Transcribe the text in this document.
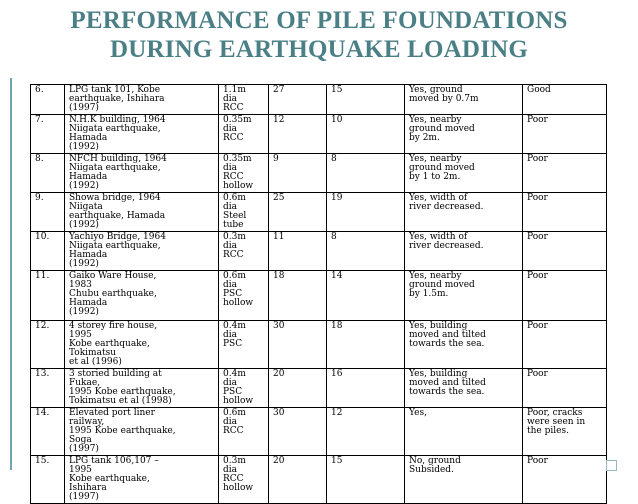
PERFORMANCE OF PILE FOUNDATIONS
DURING EARTHQUAKE LOADING
6.	LPG tank 101, Kobe
earthquake, Ishihara
(1997)	1.1m
dia
RCC	27	15	Yes, ground
moved by 0.7m	Good
7.	N.H.K building, 1964
Niigata earthquake,
Hamada
(1992)	0.35m
dia
RCC	12	10	Yes, nearby
ground moved
by 2m.	Poor
8.	NFCH building, 1964
Niigata earthquake,
Hamada
(1992)	0.35m
dia
RCC
hollow	9	8	Yes, nearby
ground moved
by 1 to 2m.	Poor
9.	Showa bridge, 1964
Niigata
earthquake, Hamada
(1992)	0.6m
dia
Steel
tube	25	19	Yes, width of
river decreased.	Poor
10.	Yachiyo Bridge, 1964
Niigata earthquake,
Hamada
(1992)	0.3m
dia
RCC	11	8	Yes, width of
river decreased.	Poor
11.	Gaiko Ware House,
1983
Chubu earthquake,
Hamada
(1992)	0.6m
dia
PSC
hollow	18	14	Yes, nearby
ground moved
by 1.5m.	Poor
12.	4 storey fire house,
1995
Kobe earthquake,
Tokimatsu
et al (1996)	0.4m
dia
PSC	30	18	Yes, building
moved and tilted
towards the sea.	Poor
13.	3 storied building at
Fukae,
1995 Kobe earthquake,
Tokimatsu et al (1998)	0.4m
dia
PSC
hollow	20	16	Yes, building
moved and tilted
towards the sea.	Poor
14.	Elevated port liner
railway,
1995 Kobe earthquake,
Soga
(1997)	0.6m
dia
RCC	30	12	Yes,	Poor, cracks
were seen in
the piles.
15.	LPG tank 106,107 –
1995
Kobe earthquake,
Ishihara
(1997)	0.3m
dia
RCC
hollow	20	15	No, ground
Subsided.	Poor
